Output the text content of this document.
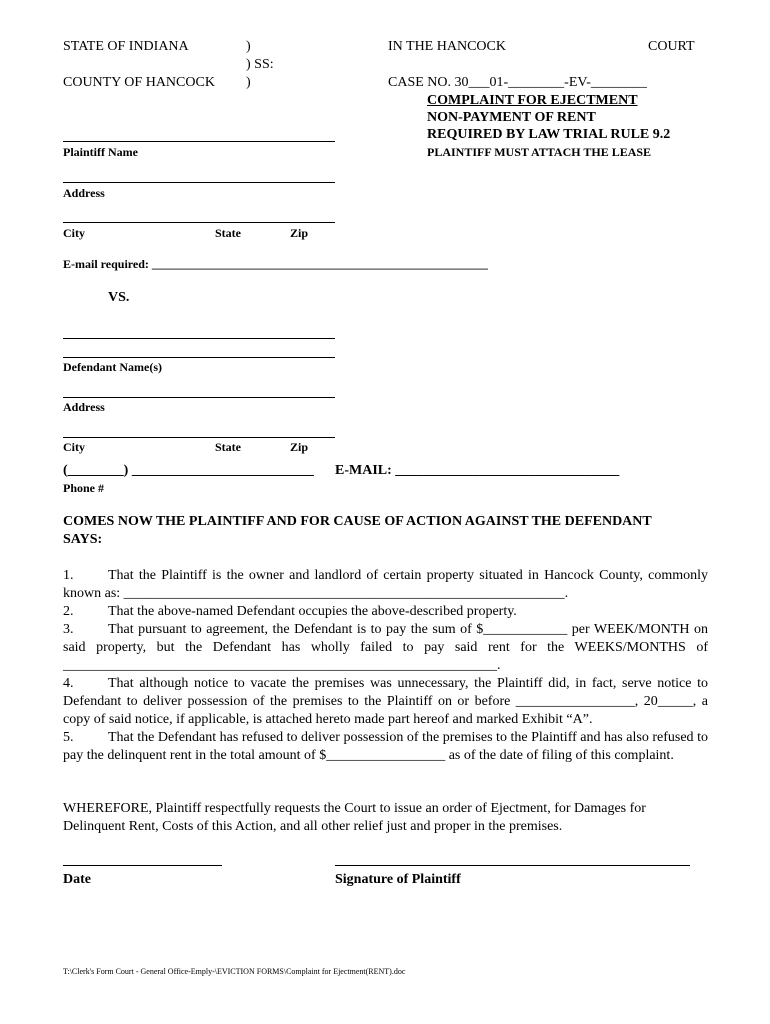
STATE OF INDIANA	)
) SS:
COUNTY OF HANCOCK )
IN THE HANCOCK	COURT
CASE NO. 30___01-________-EV-________
COMPLAINT FOR EJECTMENT
NON-PAYMENT OF RENT
REQUIRED BY LAW TRIAL RULE 9.2
PLAINTIFF MUST ATTACH THE LEASE
Plaintiff Name
Address
City	State	Zip
E-mail required: ________________________________________________________
VS.
Defendant Name(s)
Address
City	State	Zip
(________) __________________________ E-MAIL: ________________________________
Phone #
COMES NOW THE PLAINTIFF AND FOR CAUSE OF ACTION AGAINST THE DEFENDANT
SAYS:
1. That the Plaintiff is the owner and landlord of certain property situated in Hancock County, commonly known as: _______________________________________________________________.
2. That the above-named Defendant occupies the above-described property.
3. That pursuant to agreement, the Defendant is to pay the sum of $____________ per WEEK/MONTH on said property, but the Defendant has wholly failed to pay said rent for the WEEKS/MONTHS of ______________________________________________________________.
4. That although notice to vacate the premises was unnecessary, the Plaintiff did, in fact, serve notice to Defendant to deliver possession of the premises to the Plaintiff on or before _________________, 20_____, a copy of said notice, if applicable, is attached hereto made part hereof and marked Exhibit “A”.
5. That the Defendant has refused to deliver possession of the premises to the Plaintiff and has also refused to pay the delinquent rent in the total amount of $_________________ as of the date of filing of this complaint.
WHEREFORE, Plaintiff respectfully requests the Court to issue an order of Ejectment, for Damages for Delinquent Rent, Costs of this Action, and all other relief just and proper in the premises.
Date	Signature of Plaintiff
T:\Clerk's Form Court - General Office-Emply-\EVICTION FORMS\Complaint for Ejectment(RENT).doc
